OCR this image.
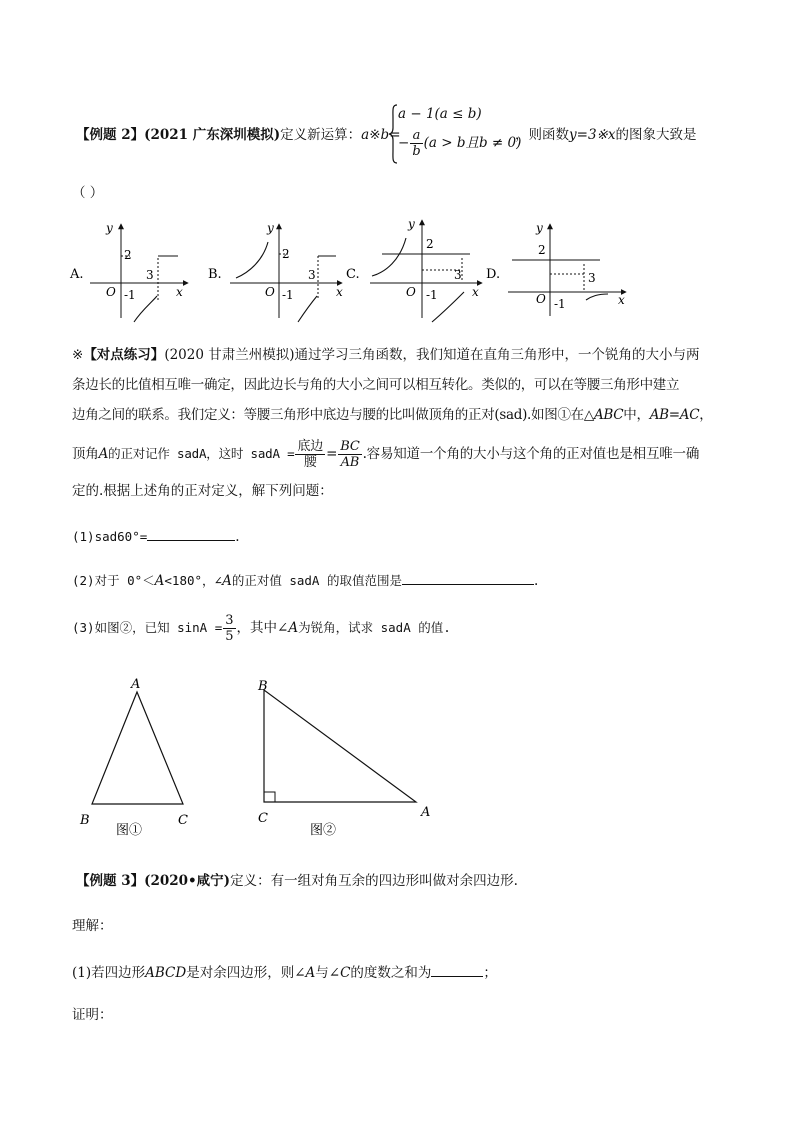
【例题 2】(2021 广东深圳模拟)定义新运算：a※b=
a − 1(a ≤ b)
− $\frac{a}{b} (a > b$且b ≠ 0)
，则函数y=3※x的图象大致是
（ ）
A.
y
x
O
2
3
-1
B.
y
x
O
2
3
-1
C.
y
x
O
2
3
-1
D.
y
x
O
2
3
-1
※【对点练习】(2020 甘肃兰州模拟)通过学习三角函数，我们知道在直角三角形中，一个锐角的大小与两
条边长的比值相互唯一确定，因此边长与角的大小之间可以相互转化。类似的，可以在等腰三角形中建立
边角之间的联系。我们定义：等腰三角形中底边与腰的比叫做顶角的正对(sad).如图①在△ABC中，AB=AC，
顶角A的正对记作 sadA，这时 sadA = $\frac{\text{底边}}{\text{腰}} = \frac{BC}{AB}$ .容易知道一个角的大小与这个角的正对值也是相互唯一确
定的.根据上述角的正对定义，解下列问题：
(1)sad60°=	.
(2)对于 0°＜A<180°，∠A的正对值 sadA 的取值范围是	.
(3)如图②，已知 $\sin A = \frac{3}{5}$ ，其中∠A为锐角，试求 sadA 的值.
A
B	C
图①
B
C	A
图②
【例题 3】(2020•咸宁)定义：有一组对角互余的四边形叫做对余四边形.
理解：
(1)若四边形ABCD是对余四边形，则∠A与∠C的度数之和为	；
证明：
